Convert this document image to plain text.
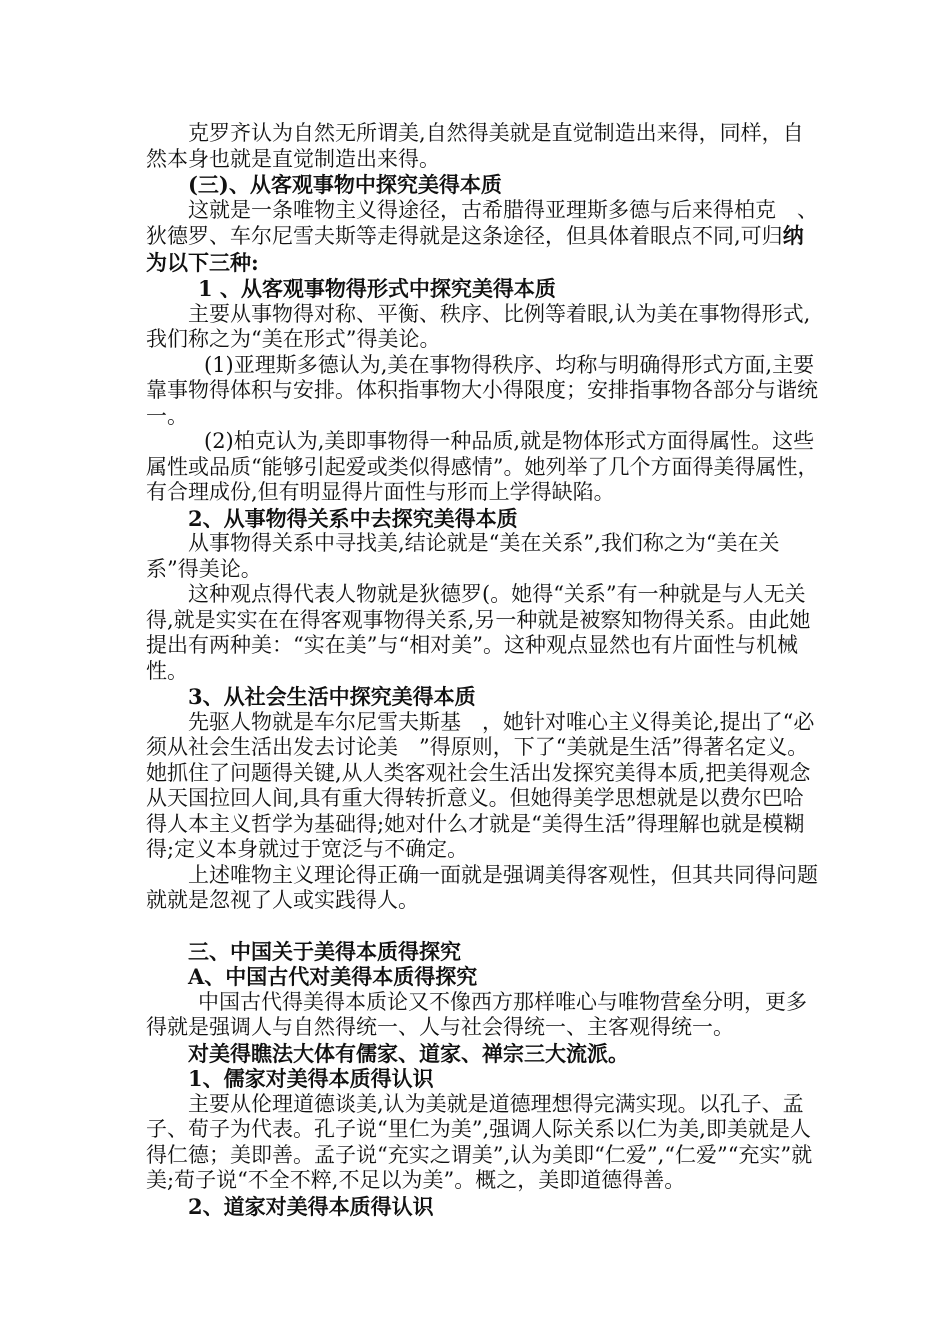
克罗齐认为自然无所谓美,自然得美就是直觉制造出来得，同样，自然本身也就是直觉制造出来得。

(三)、从客观事物中探究美得本质

这就是一条唯物主义得途径，古希腊得亚理斯多德与后来得柏克　、狄德罗、车尔尼雪夫斯等走得就是这条途径，但具体着眼点不同,可归纳为以下三种:

1 、从客观事物得形式中探究美得本质

主要从事物得对称、平衡、秩序、比例等着眼,认为美在事物得形式,我们称之为“美在形式”得美论。

(1)亚理斯多德认为,美在事物得秩序、均称与明确得形式方面,主要靠事物得体积与安排。体积指事物大小得限度；安排指事物各部分与谐统一。

(2)柏克认为,美即事物得一种品质,就是物体形式方面得属性。这些属性或品质“能够引起爱或类似得感情”。她列举了几个方面得美得属性，有合理成份,但有明显得片面性与形而上学得缺陷。

2、从事物得关系中去探究美得本质

从事物得关系中寻找美,结论就是“美在关系”,我们称之为“美在关系”得美论。

这种观点得代表人物就是狄德罗(。她得“关系”有一种就是与人无关得,就是实实在在得客观事物得关系,另一种就是被察知物得关系。由此她提出有两种美：“实在美”与“相对美”。这种观点显然也有片面性与机械性。

3、从社会生活中探究美得本质

先驱人物就是车尔尼雪夫斯基　，她针对唯心主义得美论,提出了“必须从社会生活出发去讨论美　”得原则，下了“美就是生活”得著名定义。她抓住了问题得关键,从人类客观社会生活出发探究美得本质,把美得观念从天国拉回人间,具有重大得转折意义。但她得美学思想就是以费尔巴哈 得人本主义哲学为基础得;她对什么才就是“美得生活”得理解也就是模糊得;定义本身就过于宽泛与不确定。

上述唯物主义理论得正确一面就是强调美得客观性，但其共同得问题就就是忽视了人或实践得人。

三、中国关于美得本质得探究

A、中国古代对美得本质得探究

中国古代得美得本质论又不像西方那样唯心与唯物营垒分明，更多得就是强调人与自然得统一、人与社会得统一、主客观得统一。

对美得瞧法大体有儒家、道家、禅宗三大流派。

1、儒家对美得本质得认识

主要从伦理道德谈美,认为美就是道德理想得完满实现。以孔子、孟子、荀子为代表。孔子说“里仁为美”,强调人际关系以仁为美,即美就是人得仁德；美即善。孟子说“充实之谓美”,认为美即“仁爱”,“仁爱”“充实”就美;荀子说“不全不粹,不足以为美”。概之，美即道德得善。

2、道家对美得本质得认识
